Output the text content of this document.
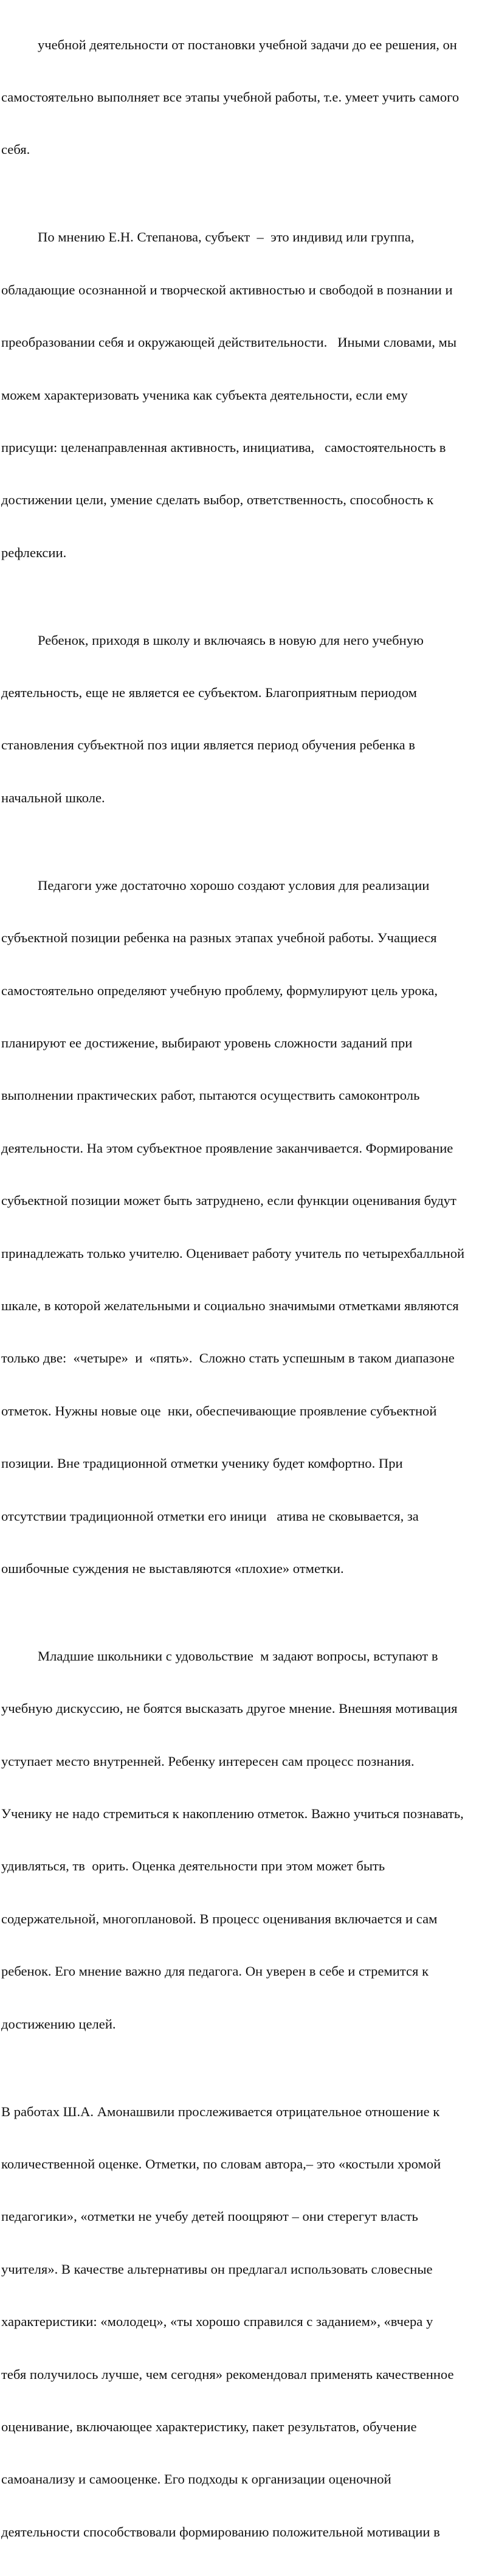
учебной деятельности от постановки учебной задачи до ее решения, он

самостоятельно выполняет все этапы учебной работы, т.е. умеет учить самого

себя.

По мнению Е.Н. Степанова, субъект  –  это индивид или группа,

обладающие осознанной и творческой активностью и свободой в познании и

преобразовании себя и окружающей действительности.   Иными словами, мы

можем характеризовать ученика как субъекта деятельности, если ему

присущи: целенаправленная активность, инициатива,   самостоятельность в

достижении цели, умение сделать выбор, ответственность, способность к

рефлексии.

Ребенок, приходя в школу и включаясь в новую для него учебную

деятельность, еще не является ее субъектом. Благоприятным периодом

становления субъектной поз иции является период обучения ребенка в

начальной школе.

Педагоги уже достаточно хорошо создают условия для реализации

субъектной позиции ребенка на разных этапах учебной работы. Учащиеся

самостоятельно определяют учебную проблему, формулируют цель урока,

планируют ее достижение, выбирают уровень сложности заданий при

выполнении практических работ, пытаются осуществить самоконтроль

деятельности. На этом субъектное проявление заканчивается. Формирование

субъектной позиции может быть затруднено, если функции оценивания будут

принадлежать только учителю. Оценивает работу учитель по четырехбалльной

шкале, в которой желательными и социально значимыми отметками являются

только две:  «четыре»  и  «пять».  Сложно стать успешным в таком диапазоне

отметок. Нужны новые оце  нки, обеспечивающие проявление субъектной

позиции. Вне традиционной отметки ученику будет комфортно. При

отсутствии традиционной отметки его иници   атива не сковывается, за

ошибочные суждения не выставляются «плохие» отметки.

Младшие школьники с удовольствие  м задают вопросы, вступают в

учебную дискуссию, не боятся высказать другое мнение. Внешняя мотивация

уступает место внутренней. Ребенку интересен сам процесс познания.

Ученику не надо стремиться к накоплению отметок. Важно учиться познавать,

удивляться, тв  орить. Оценка деятельности при этом может быть

содержательной, многоплановой. В процесс оценивания включается и сам

ребенок. Его мнение важно для педагога. Он уверен в себе и стремится к

достижению целей.

В работах Ш.А. Амонашвили прослеживается отрицательное отношение к

количественной оценке. Отметки, по словам автора,– это «костыли хромой

педагогики», «отметки не учебу детей поощряют – они стерегут власть

учителя». В качестве альтернативы он предлагал использовать словесные

характеристики: «молодец», «ты хорошо справился с заданием», «вчера у

тебя получилось лучше, чем сегодня» рекомендовал применять качественное

оценивание, включающее характеристику, пакет результатов, обучение

самоанализу и самооценке. Его подходы к организации оценочной

деятельности способствовали формированию положительной мотивации в
